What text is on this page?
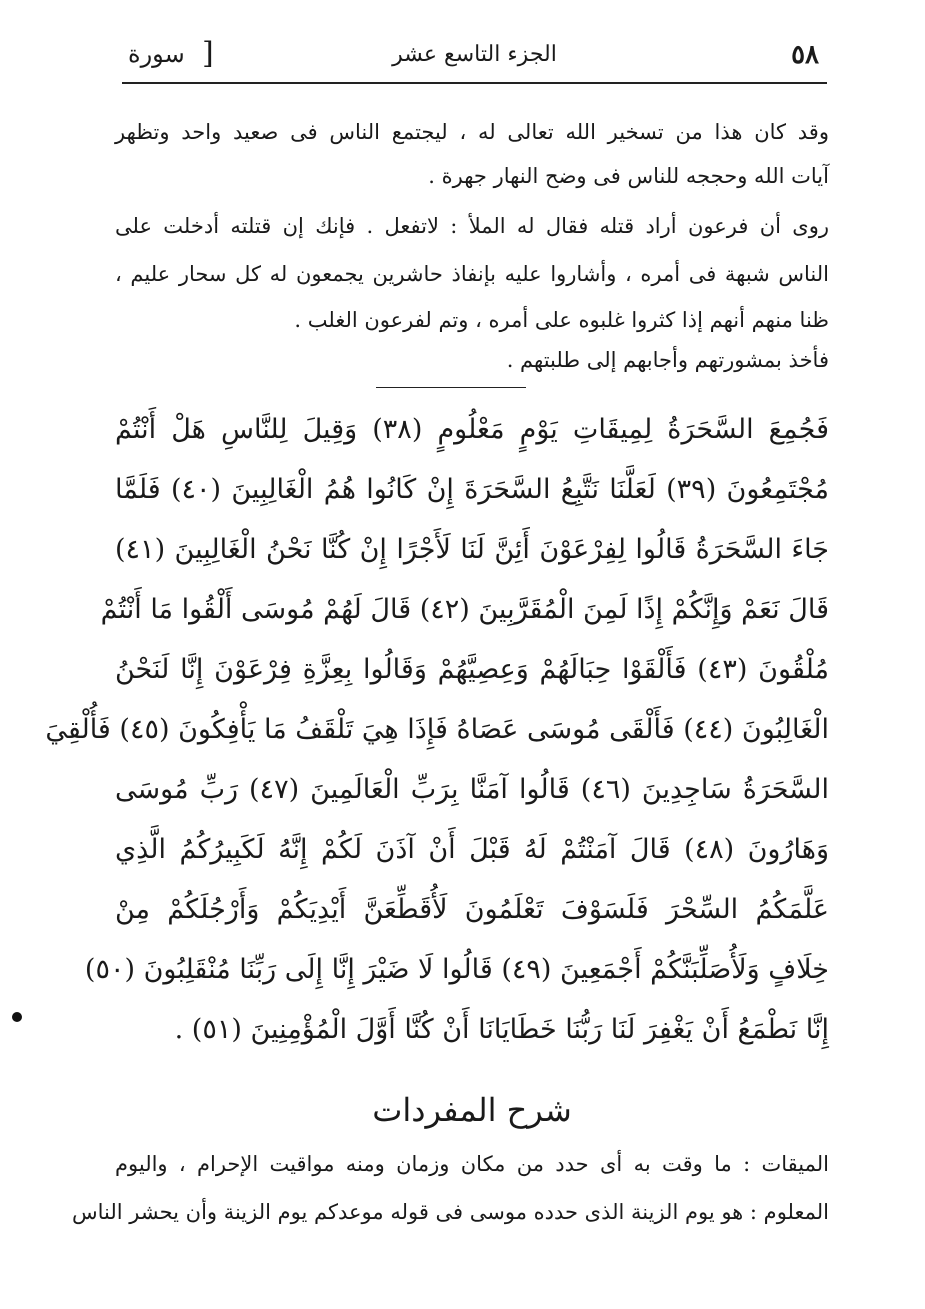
٥٨
الجزء التاسع عشر
سورة ]
وقد كان هذا من تسخير الله تعالى له ، ليجتمع الناس فى صعيد واحد وتظهر
آيات الله وحججه للناس فى وضح النهار جهرة .
روى أن فرعون أراد قتله فقال له الملأ : لاتفعل . فإنك إن قتلته أدخلت على
الناس شبهة فى أمره ، وأشاروا عليه بإنفاذ حاشرين يجمعون له كل سحار عليم ،
ظنا منهم أنهم إذا كثروا غلبوه على أمره ، وتم لفرعون الغلب .
فأخذ بمشورتهم وأجابهم إلى طلبتهم .
فَجُمِعَ السَّحَرَةُ لِمِيقَاتِ يَوْمٍ مَعْلُومٍ (٣٨) وَقِيلَ لِلنَّاسِ هَلْ أَنْتُمْ
مُجْتَمِعُونَ (٣٩) لَعَلَّنَا نَتَّبِعُ السَّحَرَةَ إِنْ كَانُوا هُمُ الْغَالِبِينَ (٤٠) فَلَمَّا
جَاءَ السَّحَرَةُ قَالُوا لِفِرْعَوْنَ أَئِنَّ لَنَا لَأَجْرًا إِنْ كُنَّا نَحْنُ الْغَالِبِينَ (٤١)
قَالَ نَعَمْ وَإِنَّكُمْ إِذًا لَمِنَ الْمُقَرَّبِينَ (٤٢) قَالَ لَهُمْ مُوسَى أَلْقُوا مَا أَنْتُمْ
مُلْقُونَ (٤٣) فَأَلْقَوْا حِبَالَهُمْ وَعِصِيَّهُمْ وَقَالُوا بِعِزَّةِ فِرْعَوْنَ إِنَّا لَنَحْنُ
الْغَالِبُونَ (٤٤) فَأَلْقَى مُوسَى عَصَاهُ فَإِذَا هِيَ تَلْقَفُ مَا يَأْفِكُونَ (٤٥) فَأُلْقِيَ
السَّحَرَةُ سَاجِدِينَ (٤٦) قَالُوا آمَنَّا بِرَبِّ الْعَالَمِينَ (٤٧) رَبِّ مُوسَى
وَهَارُونَ (٤٨) قَالَ آمَنْتُمْ لَهُ قَبْلَ أَنْ آذَنَ لَكُمْ إِنَّهُ لَكَبِيرُكُمُ الَّذِي
عَلَّمَكُمُ السِّحْرَ فَلَسَوْفَ تَعْلَمُونَ لَأُقَطِّعَنَّ أَيْدِيَكُمْ وَأَرْجُلَكُمْ مِنْ
خِلَافٍ وَلَأُصَلِّبَنَّكُمْ أَجْمَعِينَ (٤٩) قَالُوا لَا ضَيْرَ إِنَّا إِلَى رَبِّنَا مُنْقَلِبُونَ (٥٠)
إِنَّا نَطْمَعُ أَنْ يَغْفِرَ لَنَا رَبُّنَا خَطَايَانَا أَنْ كُنَّا أَوَّلَ الْمُؤْمِنِينَ (٥١) .
شرح المفردات
الميقات : ما وقت به أى حدد من مكان وزمان ومنه مواقيت الإحرام ، واليوم
المعلوم : هو يوم الزينة الذى حدده موسى فى قوله موعدكم يوم الزينة وأن يحشر الناس
